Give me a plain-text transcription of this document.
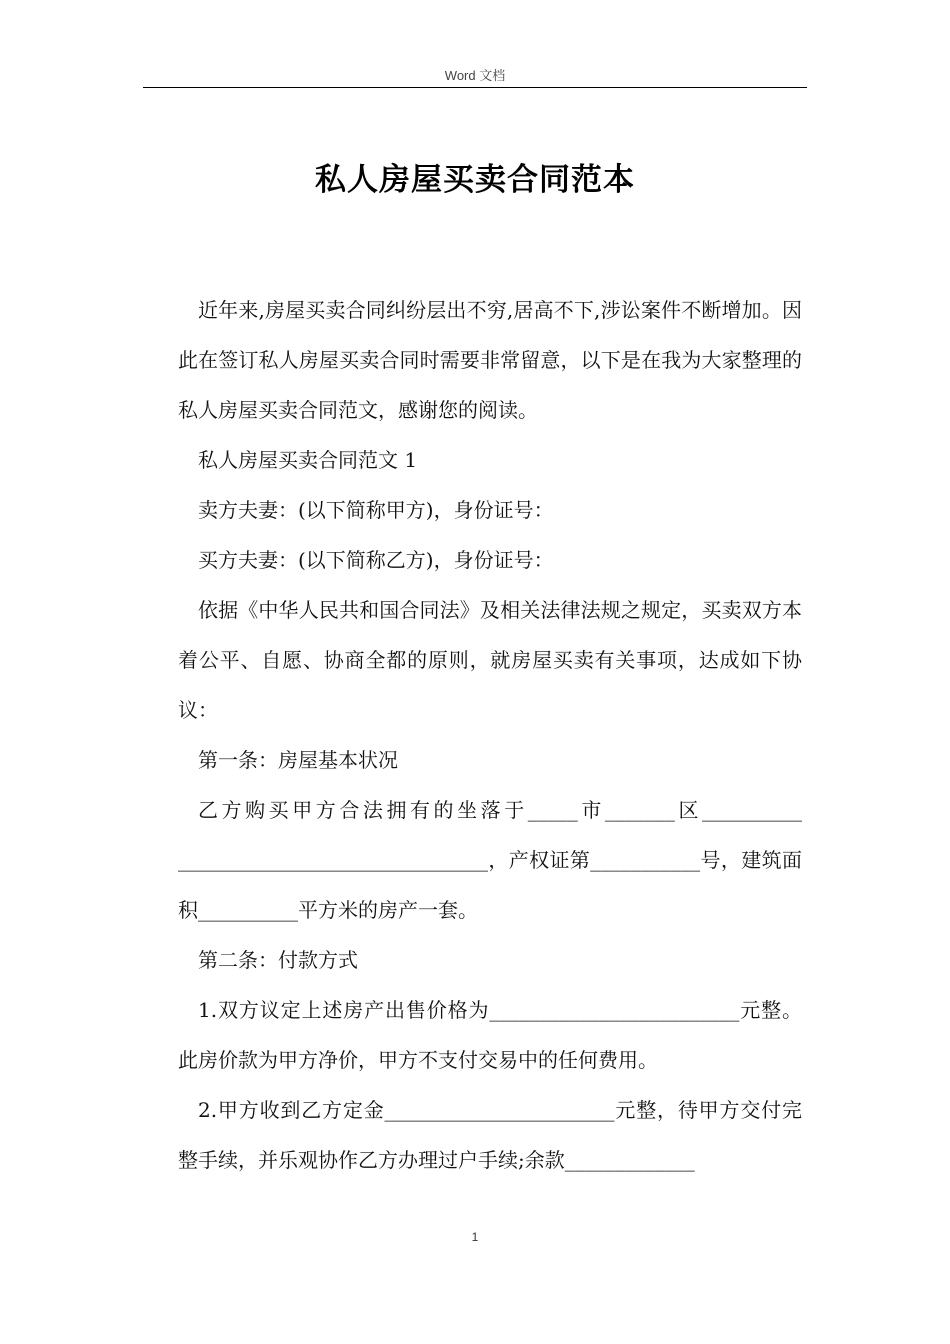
Word 文档
私人房屋买卖合同范本

近年来,房屋买卖合同纠纷层出不穷,居高不下,涉讼案件不断增加。因此在签订私人房屋买卖合同时需要非常留意，以下是在我为大家整理的私人房屋买卖合同范文，感谢您的阅读。

私人房屋买卖合同范文 1

卖方夫妻：(以下简称甲方)，身份证号：

买方夫妻：(以下简称乙方)，身份证号：

依据《中华人民共和国合同法》及相关法律法规之规定，买卖双方本着公平、自愿、协商全都的原则，就房屋买卖有关事项，达成如下协议：

第一条：房屋基本状况

乙方购买甲方合法拥有的坐落于_____市_______区__________ _______________________________，产权证第___________号，建筑面积__________平方米的房产一套。

第二条：付款方式

1.双方议定上述房产出售价格为_________________________元整。此房价款为甲方净价，甲方不支付交易中的任何费用。

2.甲方收到乙方定金_______________________元整，待甲方交付完整手续，并乐观协作乙方办理过户手续;余款_____________

1
